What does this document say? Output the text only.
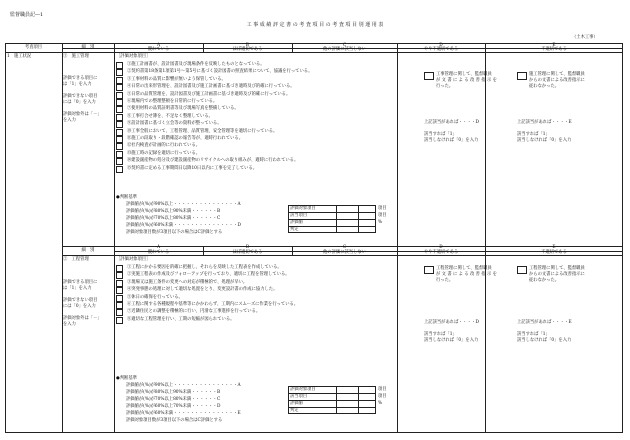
監督職員記―1
工 事 成 績 評 定 書 の 考 査 項 目 の 考 査 項 目 別 運 用 表
（土木工事）
考査項目	細　別	A	B	C	D	E
優れている	ほぼ適切である	他の評価に該当しない	やや不適切である	不適切である
1　施工状況	①　施工管理
評価できる項目に
は「1」を入力

評価できない項目
には「0」を入力

評価対象外は「－」
を入力
［評価対象項目］
①施工計画書が、設計図書及び現場条件を反映したものとなっている。
②契約書第18条第1項第1号～第5号に基づく設計図書の照査結果について、協議を行っている。
③工事材料の品質に影響が無いよう保管している。
④日常の出来形管理を、設計図書及び施工計画書に基づき適時及び的確に行っている。
⑤日常の品質管理を、設計図書及び施工計画書に基づき適時及び的確に行っている。
⑥現場内での整理整頓を日常的に行っている。
⑦使用材料の品質証明書等及び現場写真を整備している。
⑧工事打合せ簿を、不足なく整理している。
⑨設計図書に基づく立会等の資料が整っている。
⑩工事全般において、工程管理、品質管理、安全管理等を適切に行っている。
⑪施工の段取り・段階確認の報告等が、適時行われている。
⑫社内検査が計画的に行われている。
⑬施工時の記録を適切に行っている。
⑭建設副産物の処分及び建設副産物のリサイクルへの取り組みが、適時に行われている。
⑮契約書に定める工事期間日以降10日以内に工事を完了している。
●判断基準
評価値が(%)が90%以上・・・・・・・・・・・・・・・A
評価値が(%)が80%以上90%未満・・・・・・B
評価値が(%)が70%以上80%未満・・・・・・C
評価値が(%)が60%未満・・・・・・・・・・・・・・・D
評価対象項目数が3項目以下の場合はC評価とする
評価対象項目	項目
該当項目	項目
評価値	%
判定
工事管理に関して、監督職員
が 文 書 に よ る 改 善 指 示 を
行った。
上記該当があれば・・・・D

該当すれば「1」
該当しなければ「0」を入力
施工管理に関して、監督職員
からの文書による改善指示に
従わなかった。
上記該当があれば・・・・E

該当すれば「1」
該当しなければ「0」を入力
細　別
A	B	C	D	E
優れている	ほぼ適切である	他の評価に該当しない	やや不適切である	不適切である
②　工程管理
評価できる項目に
は「1」を入力

評価できない項目
には「0」を入力

評価対象外は「－」
を入力
［評価対象項目］
①工程にかかる要因を的確に把握し、それらを反映した工程表を作成している。
②実施工程表の作成及びフォローアップを行っており、適切に工程を管理している。
③現場又は施工条件の変更への対応が積極的で、処理が早い。
④突発事態の処理に対して適切な処置をとり、変更設計書の作成に協力した。
⑤休日の確保を行っている。
⑥工程に関する各種規程や基準等にかかわらず、工期内にスムーズに作業を行っている。
⑦近隣住民との調整を積極的に行い、円滑な工事進捗を行っている。
⑧適切な工程管理を行い、工期の短縮が図られている。
●判断基準
評価値が(%)が90%以上・・・・・・・・・・・・・・・A
評価値が(%)が80%以上90%未満・・・・・・B
評価値が(%)が70%以上80%未満・・・・・・C
評価値が(%)が60%以上70%未満・・・・・・D
評価値が(%)が60%未満・・・・・・・・・・・・・・・E
評価対象項目数が3項目以下の場合はC評価とする
評価対象項目	項目
該当項目	項目
評価値	%
判定
工程管理に関して、監督職員
が 文 書 に よ る 改 善 指 示 を
行った。
上記該当があれば・・・・D

該当すれば「1」
該当しなければ「0」を入力
工程管理に関して、監督職員
からの文書による改善指示に
従わなかった。
上記該当があれば・・・・E

該当すれば「1」
該当しなければ「0」を入力
